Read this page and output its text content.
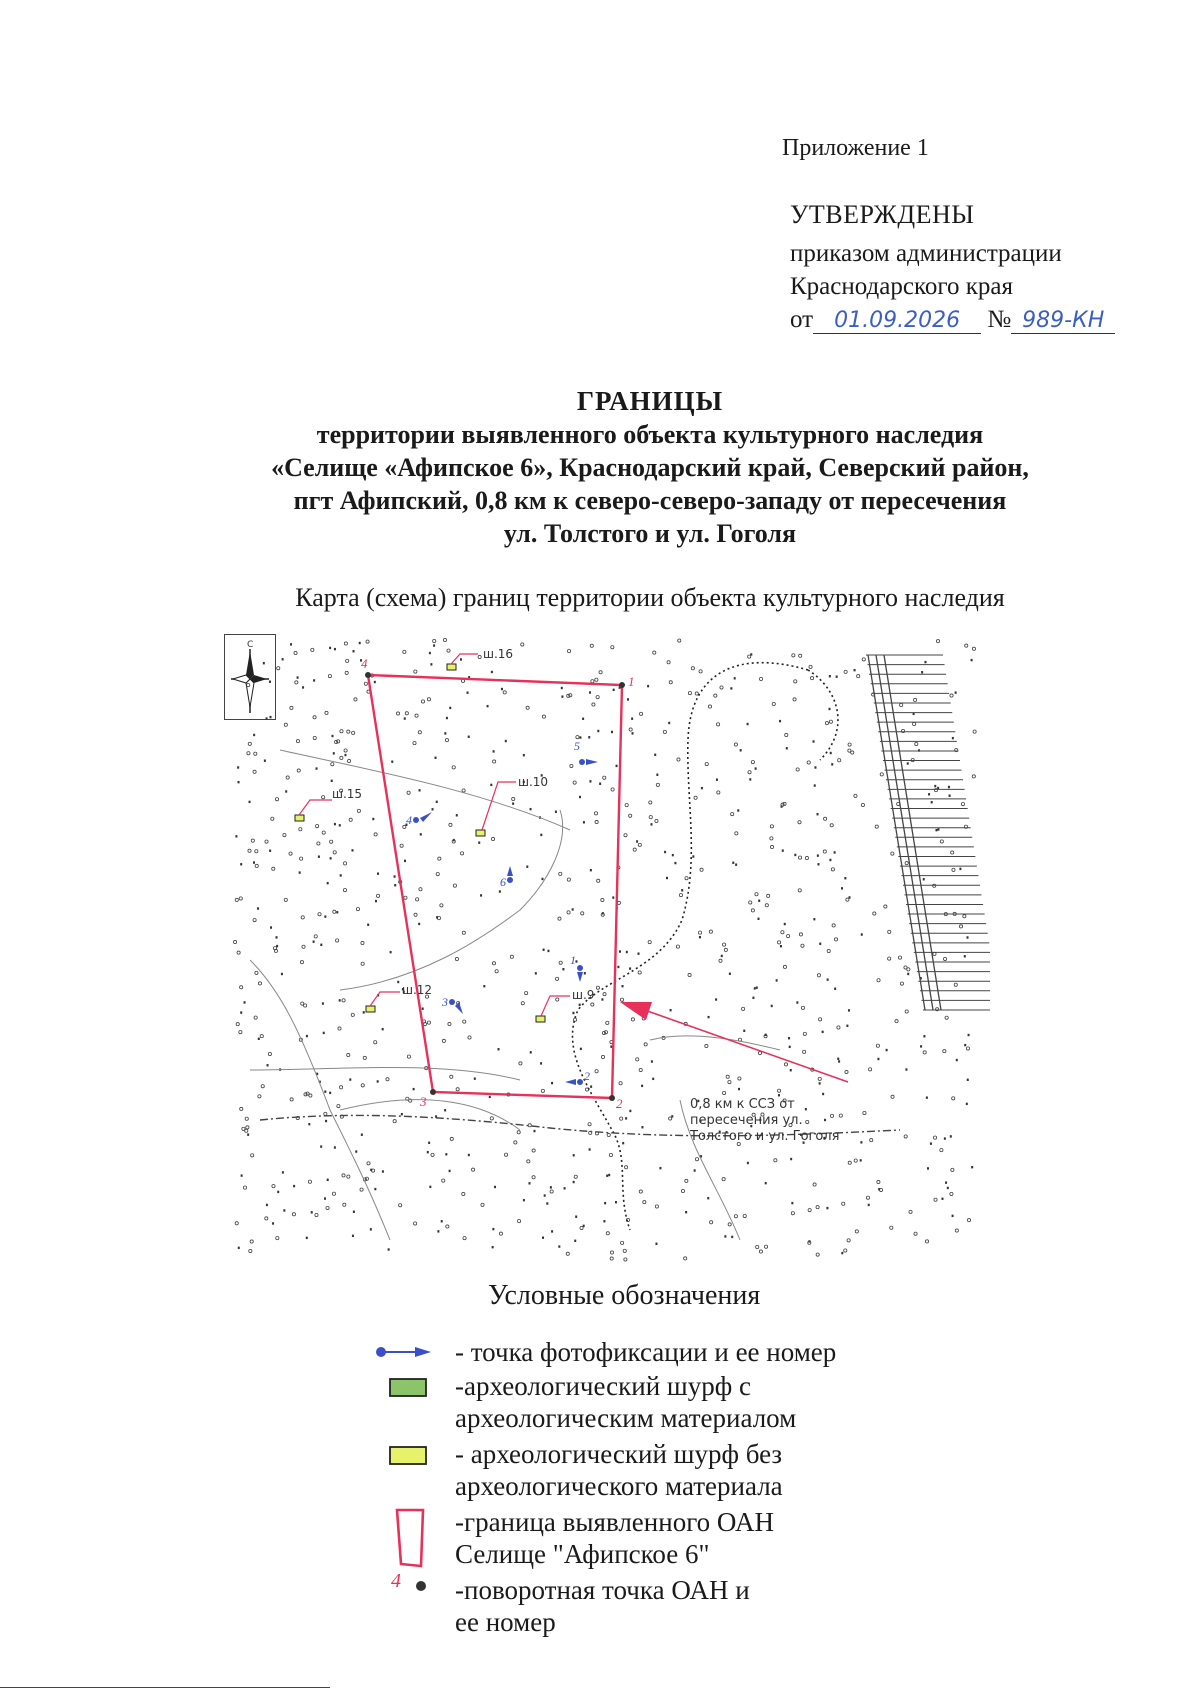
Приложение 1
УТВЕРЖДЕНЫ
приказом администрации
Краснодарского края
от 01.09.2026 № 989-КН
ГРАНИЦЫ
территории выявленного объекта культурного наследия
«Селище «Афипское 6», Краснодарский край, Северский район,
пгт Афипский, 0,8 км к северо-северо-западу от пересечения
ул. Толстого и ул. Гоголя
Карта (схема) границ территории объекта культурного наследия
С
1
2
3
4
ш.16
ш.15
ш.10
ш.12	ш.9
1
2
3
4
5
6
0,8 км к ССЗ от
пересечения ул.
Толстого и ул. Гоголя
Условные обозначения
- точка фотофиксации и ее номер
-археологический шурф с
археологическим материалом
- археологический шурф без
археологического материала
-граница выявленного ОАН
Селище "Афипское 6"
4 -поворотная точка ОАН и
ее номер
